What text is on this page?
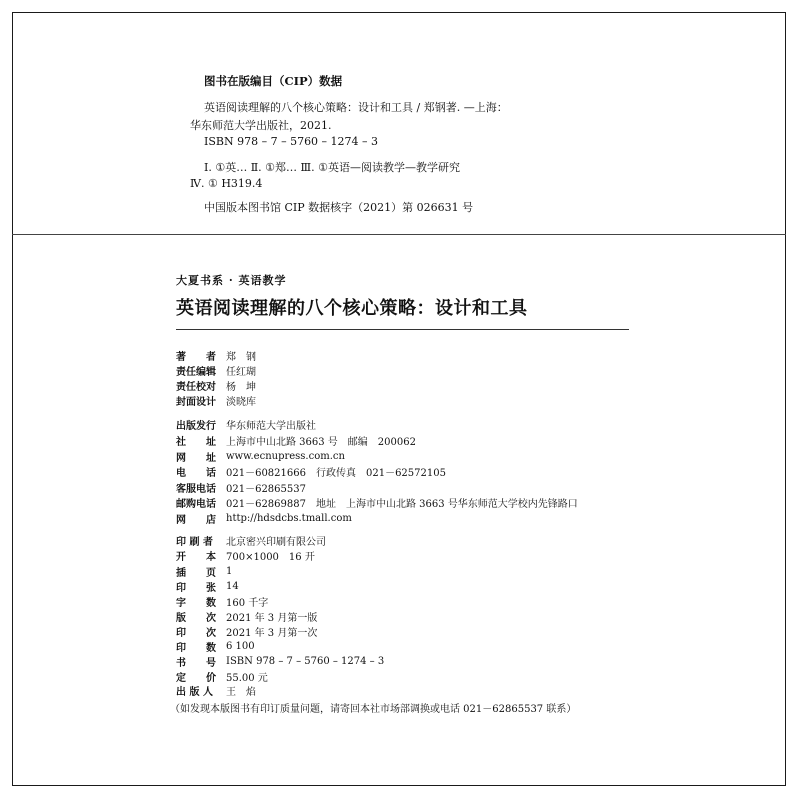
图书在版编目（CIP）数据
英语阅读理解的八个核心策略：设计和工具 / 郑钢著. —上海：
华东师范大学出版社，2021.
ISBN 978 – 7 – 5760 – 1274 – 3
Ⅰ. ①英… Ⅱ. ①郑… Ⅲ. ①英语—阅读教学—教学研究
Ⅳ. ① H319.4
中国版本图书馆 CIP 数据核字（2021）第 026631 号
大夏书系 · 英语教学
英语阅读理解的八个核心策略：设计和工具
著　　者	郑　钢
责任编辑	任红瑚
责任校对	杨　坤
封面设计	淡晓库
出版发行	华东师范大学出版社
社　　址	上海市中山北路 3663 号　邮编　200062
网　　址	www.ecnupress.com.cn
电　　话	021－60821666　行政传真　021－62572105
客服电话	021－62865537
邮购电话	021－62869887　地址　上海市中山北路 3663 号华东师范大学校内先锋路口
网　　店	http://hdsdcbs.tmall.com
印 刷 者	北京密兴印刷有限公司
开　　本	700×1000　16 开
插　　页	1
印　　张	14
字　　数	160 千字
版　　次	2021 年 3 月第一版
印　　次	2021 年 3 月第一次
印　　数	6 100
书　　号	ISBN 978 – 7 – 5760 – 1274 – 3
定　　价	55.00 元
出 版 人	王　焰
（如发现本版图书有印订质量问题，请寄回本社市场部调换或电话 021－62865537 联系）
